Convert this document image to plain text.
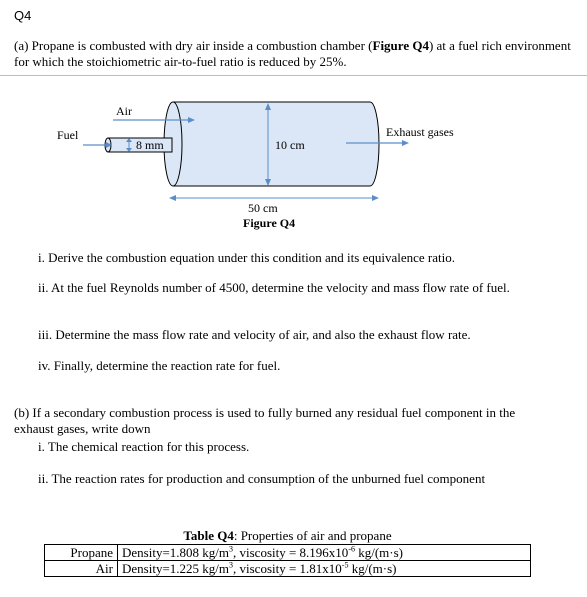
Q4
(a) Propane is combusted with dry air inside a combustion chamber (Figure Q4) at a fuel rich environment for which the stoichiometric air-to-fuel ratio is reduced by 25%.
8 mm	10 cm
Air
Fuel	Exhaust gases
50 cm
Figure Q4
i. Derive the combustion equation under this condition and its equivalence ratio.
ii. At the fuel Reynolds number of 4500, determine the velocity and mass flow rate of fuel.
iii. Determine the mass flow rate and velocity of air, and also the exhaust flow rate.
iv. Finally, determine the reaction rate for fuel.
(b) If a secondary combustion process is used to fully burned any residual fuel component in the exhaust gases, write down
i. The chemical reaction for this process.
ii. The reaction rates for production and consumption of the unburned fuel component
Table Q4: Properties of air and propane
Propane	Density=1.808 $kg/m^3$, viscosity = $8.196x10^{-6}$ kg/(m·s)
Air	Density=1.225 $kg/m^3$, viscosity = $1.81x10^{-5}$ kg/(m·s)
